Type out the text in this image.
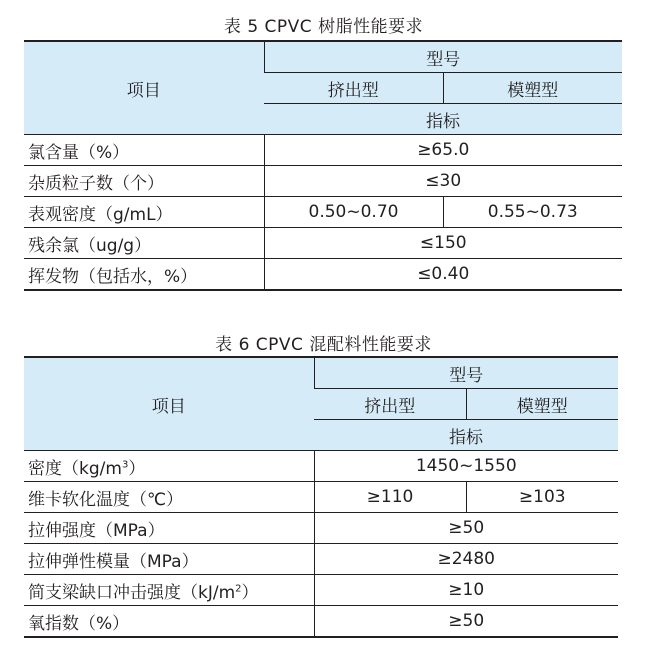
表 5 CPVC 树脂性能要求
项目	型号	
	挤出型	模塑型
	指标	
氯含量（%）	≥65.0	
杂质粒子数（个）	≤30	
表观密度（g/mL）	0.50~0.70	0.55~0.73
残余氯（ug/g）	≤150	
挥发物（包括水，%）	≤0.40	
表 6 CPVC 混配料性能要求
项目	型号	
	挤出型	模塑型
	指标	
密度$(kg/m^3)$	1450~1550	
维卡软化温度（℃）	≥110	≥103
拉伸强度（MPa）	≥50	
拉伸弹性模量（MPa）	≥2480	
简支梁缺口冲击强度$(kJ/m^2)$	≥10	
氧指数（%）	≥50	
